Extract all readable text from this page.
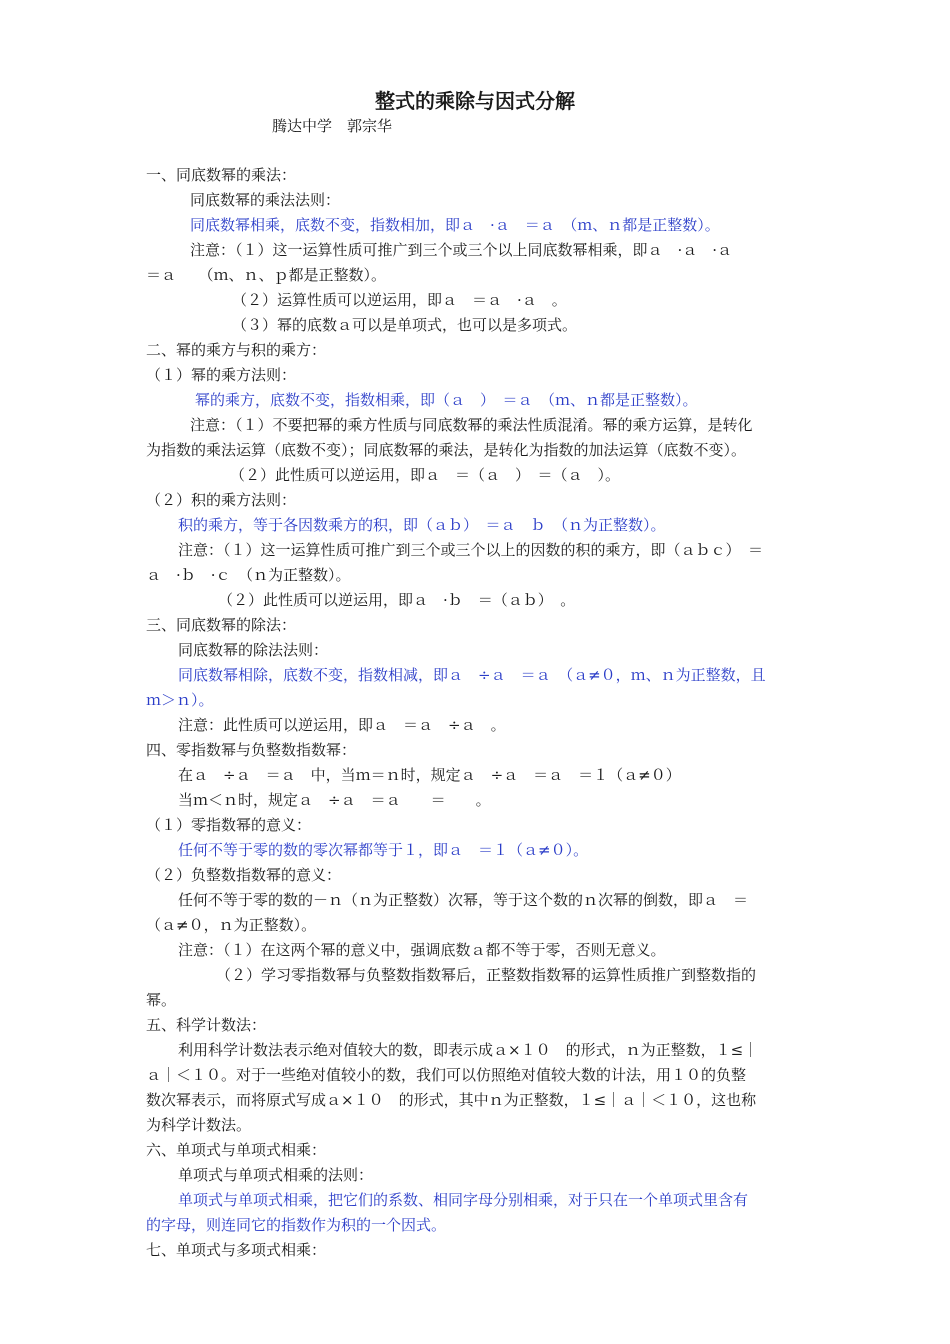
整式的乘除与因式分解
腾达中学　郭宗华
一、同底数幂的乘法：
同底数幂的乘法法则：
同底数幂相乘，底数不变，指数相加，即ａ　·ａ　＝ａ　（ｍ、ｎ都是正整数）。
注意：（１）这一运算性质可推广到三个或三个以上同底数幂相乘，即ａ　·ａ　·ａ
＝ａ　　（ｍ、ｎ、ｐ都是正整数）。
（２）运算性质可以逆运用，即ａ　＝ａ　·ａ　。
（３）幂的底数ａ可以是单项式，也可以是多项式。
二、幂的乘方与积的乘方：
（１）幂的乘方法则：
幂的乘方，底数不变，指数相乘，即（ａ　）　＝ａ　（ｍ、ｎ都是正整数）。
注意：（１）不要把幂的乘方性质与同底数幂的乘法性质混淆。幂的乘方运算，是转化
为指数的乘法运算（底数不变）；同底数幂的乘法，是转化为指数的加法运算（底数不变）。
（２）此性质可以逆运用，即ａ　＝（ａ　）　＝（ａ　）。
（２）积的乘方法则：
积的乘方，等于各因数乘方的积，即（ａｂ）　＝ａ　ｂ　（ｎ为正整数）。
注意：（１）这一运算性质可推广到三个或三个以上的因数的积的乘方，即（ａｂｃ）　＝
ａ　·ｂ　·ｃ　（ｎ为正整数）。
（２）此性质可以逆运用，即ａ　·ｂ　＝（ａｂ）　。
三、同底数幂的除法：
同底数幂的除法法则：
同底数幂相除，底数不变，指数相减，即ａ　÷ａ　＝ａ　（ａ≠０，ｍ、ｎ为正整数，且
ｍ＞ｎ）。
注意：此性质可以逆运用，即ａ　＝ａ　÷ａ　。
四、零指数幂与负整数指数幂：
在ａ　÷ａ　＝ａ　中，当ｍ＝ｎ时，规定ａ　÷ａ　＝ａ　＝１（ａ≠０）
当ｍ＜ｎ时，规定ａ　÷ａ　＝ａ　　＝　　。
（１）零指数幂的意义：
任何不等于零的数的零次幂都等于１，即ａ　＝１（ａ≠０）。
（２）负整数指数幂的意义：
任何不等于零的数的－ｎ（ｎ为正整数）次幂，等于这个数的ｎ次幂的倒数，即ａ　＝
（ａ≠０，ｎ为正整数）。
注意：（１）在这两个幂的意义中，强调底数ａ都不等于零，否则无意义。
（２）学习零指数幂与负整数指数幂后，正整数指数幂的运算性质推广到整数指的
幂。
五、科学计数法：
利用科学计数法表示绝对值较大的数，即表示成ａ×１０　的形式，ｎ为正整数，１≤｜
ａ｜＜１０。对于一些绝对值较小的数，我们可以仿照绝对值较大数的计法，用１０的负整
数次幂表示，而将原式写成ａ×１０　的形式，其中ｎ为正整数，１≤｜ａ｜＜１０，这也称
为科学计数法。
六、单项式与单项式相乘：
单项式与单项式相乘的法则：
单项式与单项式相乘，把它们的系数、相同字母分别相乘，对于只在一个单项式里含有
的字母，则连同它的指数作为积的一个因式。
七、单项式与多项式相乘：
